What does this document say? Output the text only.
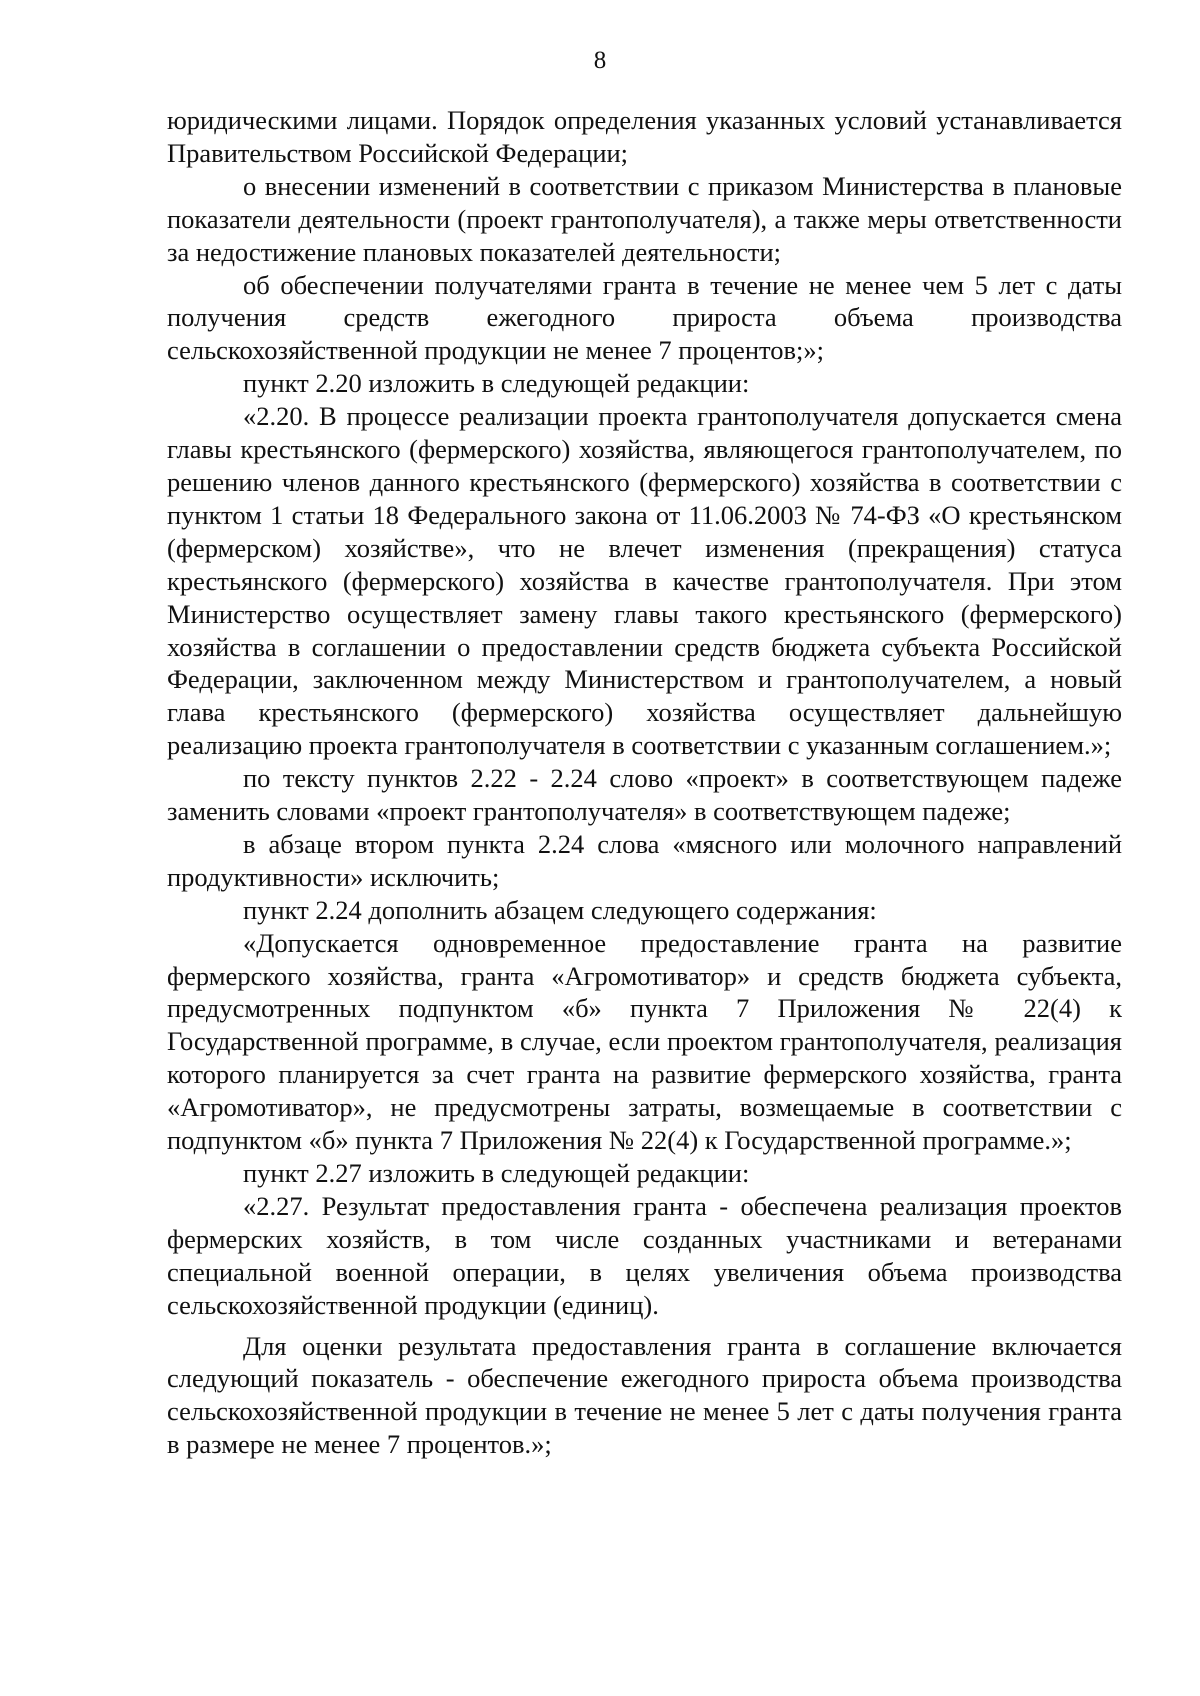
8

юридическими лицами. Порядок определения указанных условий устанавливается Правительством Российской Федерации;

о внесении изменений в соответствии с приказом Министерства в плановые показатели деятельности (проект грантополучателя), а также меры ответственности за недостижение плановых показателей деятельности;

об обеспечении получателями гранта в течение не менее чем 5 лет с даты получения средств ежегодного прироста объема производства сельскохозяйственной продукции не менее 7 процентов;»;

пункт 2.20 изложить в следующей редакции:

«2.20. В процессе реализации проекта грантополучателя допускается смена главы крестьянского (фермерского) хозяйства, являющегося грантополучателем, по решению членов данного крестьянского (фермерского) хозяйства в соответствии с пунктом 1 статьи 18 Федерального закона от 11.06.2003 № 74-ФЗ «О крестьянском (фермерском) хозяйстве», что не влечет изменения (прекращения) статуса крестьянского (фермерского) хозяйства в качестве грантополучателя. При этом Министерство осуществляет замену главы такого крестьянского (фермерского) хозяйства в соглашении о предоставлении средств бюджета субъекта Российской Федерации, заключенном между Министерством и грантополучателем, а новый глава крестьянского (фермерского) хозяйства осуществляет дальнейшую реализацию проекта грантополучателя в соответствии с указанным соглашением.»;

по тексту пунктов 2.22 - 2.24 слово «проект» в соответствующем падеже заменить словами «проект грантополучателя» в соответствующем падеже;

в абзаце втором пункта 2.24 слова «мясного или молочного направлений продуктивности» исключить;

пункт 2.24 дополнить абзацем следующего содержания:

«Допускается одновременное предоставление гранта на развитие фермерского хозяйства, гранта «Агромотиватор» и средств бюджета субъекта, предусмотренных подпунктом «б» пункта 7 Приложения № 22(4) к Государственной программе, в случае, если проектом грантополучателя, реализация которого планируется за счет гранта на развитие фермерского хозяйства, гранта «Агромотиватор», не предусмотрены затраты, возмещаемые в соответствии с подпунктом «б» пункта 7 Приложения № 22(4) к Государственной программе.»;

пункт 2.27 изложить в следующей редакции:

«2.27. Результат предоставления гранта - обеспечена реализация проектов фермерских хозяйств, в том числе созданных участниками и ветеранами специальной военной операции, в целях увеличения объема производства сельскохозяйственной продукции (единиц).

Для оценки результата предоставления гранта в соглашение включается следующий показатель - обеспечение ежегодного прироста объема производства сельскохозяйственной продукции в течение не менее 5 лет с даты получения гранта в размере не менее 7 процентов.»;
